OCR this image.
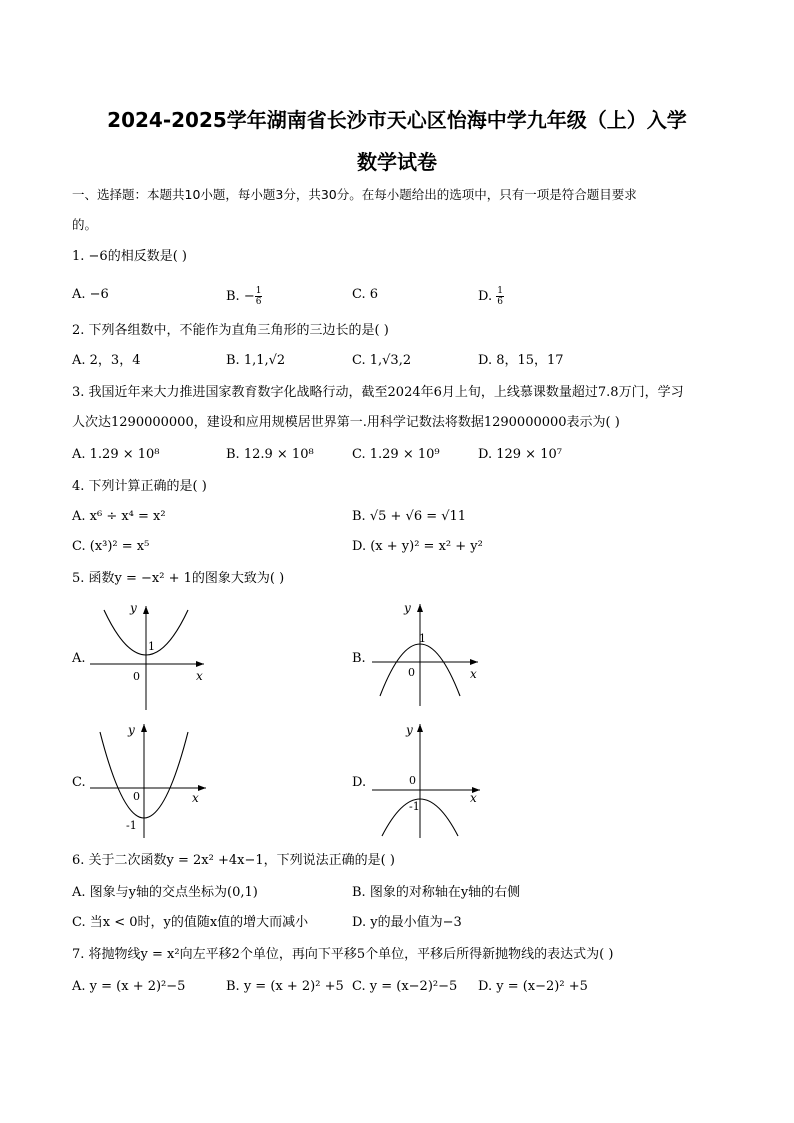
2024-2025学年湖南省长沙市天心区怡海中学九年级（上）入学
数学试卷
一、选择题：本题共10小题，每小题3分，共30分。在每小题给出的选项中，只有一项是符合题目要求
的。
1. −6的相反数是( )
A. −6	B. − $\frac{1}{6}$	C. 6	D. $\frac{1}{6}$
2. 下列各组数中，不能作为直角三角形的三边长的是( )
A. 2，3，4	B. 1,1,√2	C. 1,√3,2	D. 8，15，17
3. 我国近年来大力推进国家教育数字化战略行动，截至2024年6月上旬，上线慕课数量超过7.8万门，学习
人次达1290000000，建设和应用规模居世界第一.用科学记数法将数据1290000000表示为( )
A. 1.29 × 10⁸	B. 12.9 × 10⁸	C. 1.29 × 10⁹	D. 129 × 10⁷
4. 下列计算正确的是( )
A. x⁶ ÷ x⁴ = x²	B. √5 + √6 = √11
C. (x³)² = x⁵	D. (x + y)² = x² + y²
5. 函数y = −x² + 1的图象大致为( )
A.
y
x
0
1
B.
y
x
0
1
C.
y
x
0
-1
D.
y
x
0
-1
6. 关于二次函数y = 2x² +4x−1，下列说法正确的是( )
A. 图象与y轴的交点坐标为(0,1)	B. 图象的对称轴在y轴的右侧
C. 当x < 0时，y的值随x值的增大而减小	D. y的最小值为−3
7. 将抛物线y = x²向左平移2个单位，再向下平移5个单位，平移后所得新抛物线的表达式为( )
A. y = (x + 2)²−5	B. y = (x + 2)² +5 C. y = (x−2)²−5 D. y = (x−2)² +5
